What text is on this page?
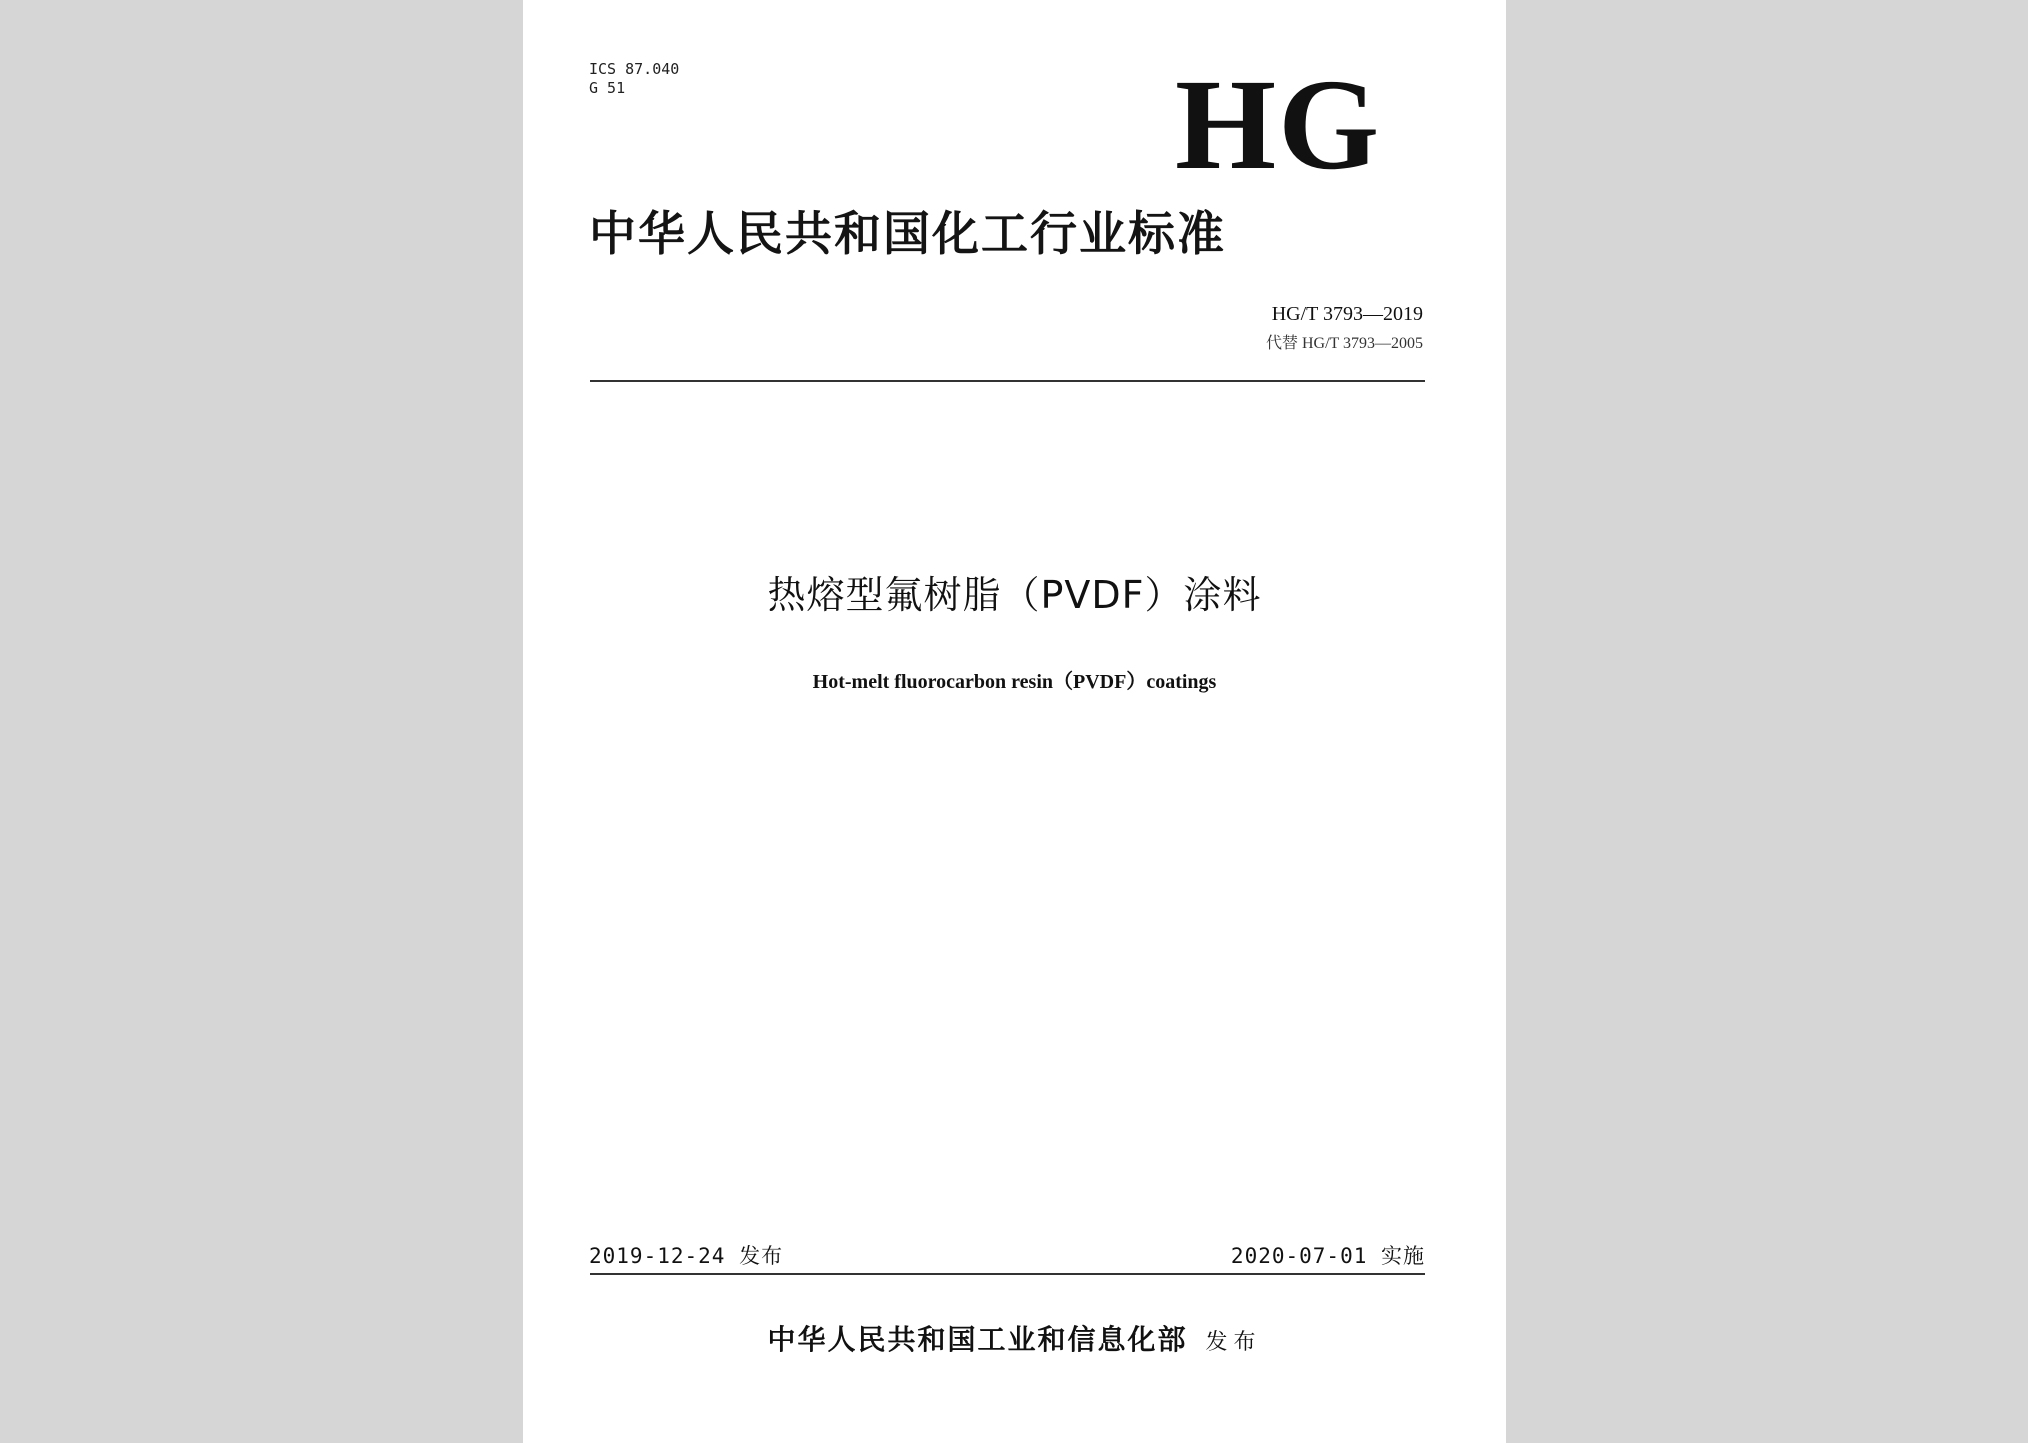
ICS 87.040
G 51	HG
中华人民共和国化工行业标准
HG/T 3793—2019
代替 HG/T 3793—2005
热熔型氟树脂（PVDF）涂料
Hot-melt fluorocarbon resin（PVDF）coatings
2019-12-24 发布	2020-07-01 实施
中华人民共和国工业和信息化部 发布
